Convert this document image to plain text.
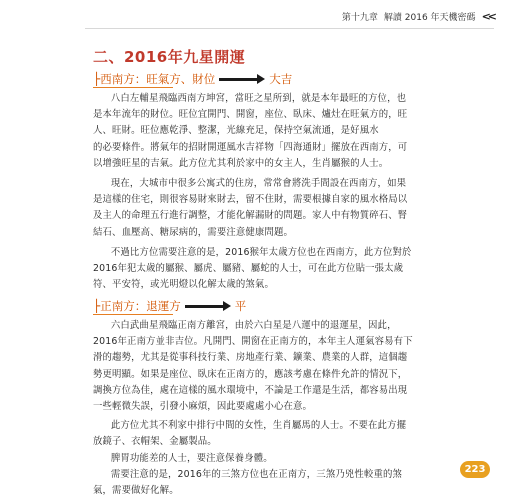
第十九章 解讀 2016 年天機密碼 <<
二、2016年九星開運
├ 西南方：旺氣方、財位	大吉
八白左輔星飛臨西南方坤宮，當旺之星所到，就是本年最旺的方位，也
是本年流年的財位。旺位宜開門、開窗，座位、臥床、爐灶在旺氣方的，旺
人、旺財。旺位應乾淨、整潔，光線充足，保持空氣流通，是好風水
的必要條件。將氣年的招財開運風水吉祥物「四海通財」擺放在西南方，可
以增強旺星的吉氣。此方位尤其利於家中的女主人，生肖屬猴的人士。
現在，大城市中很多公寓式的住房，常常會將洗手間設在西南方，如果
是這樣的住宅，則很容易財來財去，留不住財，需要根據自家的風水格局以
及主人的命理五行進行調整，才能化解漏財的問題。家人中有物質碎石、腎
結石、血壓高、糖尿病的，需要注意健康問題。
不過比方位需要注意的是，2016猴年太歲方位也在西南方，此方位對於
2016年犯太歲的屬猴、屬虎、屬豬、屬蛇的人士，可在此方位貼一張太歲
符、平安符，或光明燈以化解太歲的煞氣。
├ 正南方：退運方	平
六白武曲星飛臨正南方離宮，由於六白星是八運中的退運星，因此，
2016年正南方並非吉位。凡開門、開窗在正南方的，本年主人運氣容易有下
滑的趨勢，尤其是從事科技行業、房地產行業、鑛業、農業的人群，這個趨
勢更明顯。如果是座位、臥床在正南方的，應該考慮在條件允許的情況下，
調換方位為佳，處在這樣的風水環境中，不論是工作還是生活，都容易出現
一些輕微失誤，引發小麻煩，因此要處處小心在意。
此方位尤其不利家中排行中間的女性，生肖屬馬的人士。不要在此方擺
放鏡子、衣帽架、金屬製品。
脾胃功能差的人士，要注意保養身體。
需要注意的是，2016年的三煞方位也在正南方，三煞乃兇性較重的煞
氣，需要做好化解。
223
